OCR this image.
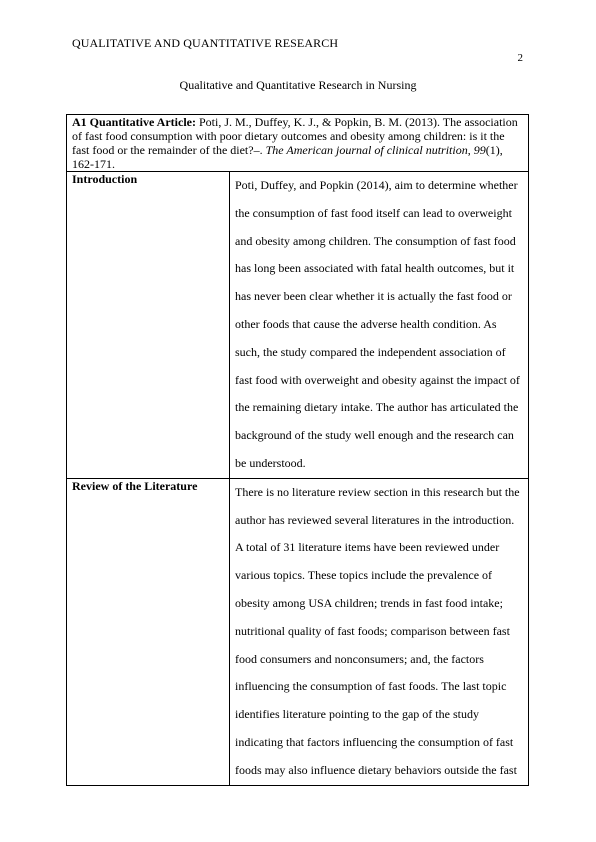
QUALITATIVE AND QUANTITATIVE RESEARCH
2
Qualitative and Quantitative Research in Nursing
A1 Quantitative Article: Poti, J. M., Duffey, K. J., & Popkin, B. M. (2013). The association of fast food consumption with poor dietary outcomes and obesity among children: is it the fast food or the remainder of the diet?–. The American journal of clinical nutrition, 99(1), 162-171.	
Introduction	Poti, Duffey, and Popkin (2014), aim to determine whether the consumption of fast food itself can lead to overweight and obesity among children. The consumption of fast food has long been associated with fatal health outcomes, but it has never been clear whether it is actually the fast food or other foods that cause the adverse health condition. As such, the study compared the independent association of fast food with overweight and obesity against the impact of the remaining dietary intake. The author has articulated the background of the study well enough and the research can be understood.
Review of the Literature	There is no literature review section in this research but the author has reviewed several literatures in the introduction. A total of 31 literature items have been reviewed under various topics. These topics include the prevalence of obesity among USA children; trends in fast food intake; nutritional quality of fast foods; comparison between fast food consumers and nonconsumers; and, the factors influencing the consumption of fast foods. The last topic identifies literature pointing to the gap of the study indicating that factors influencing the consumption of fast foods may also influence dietary behaviors outside the fast
